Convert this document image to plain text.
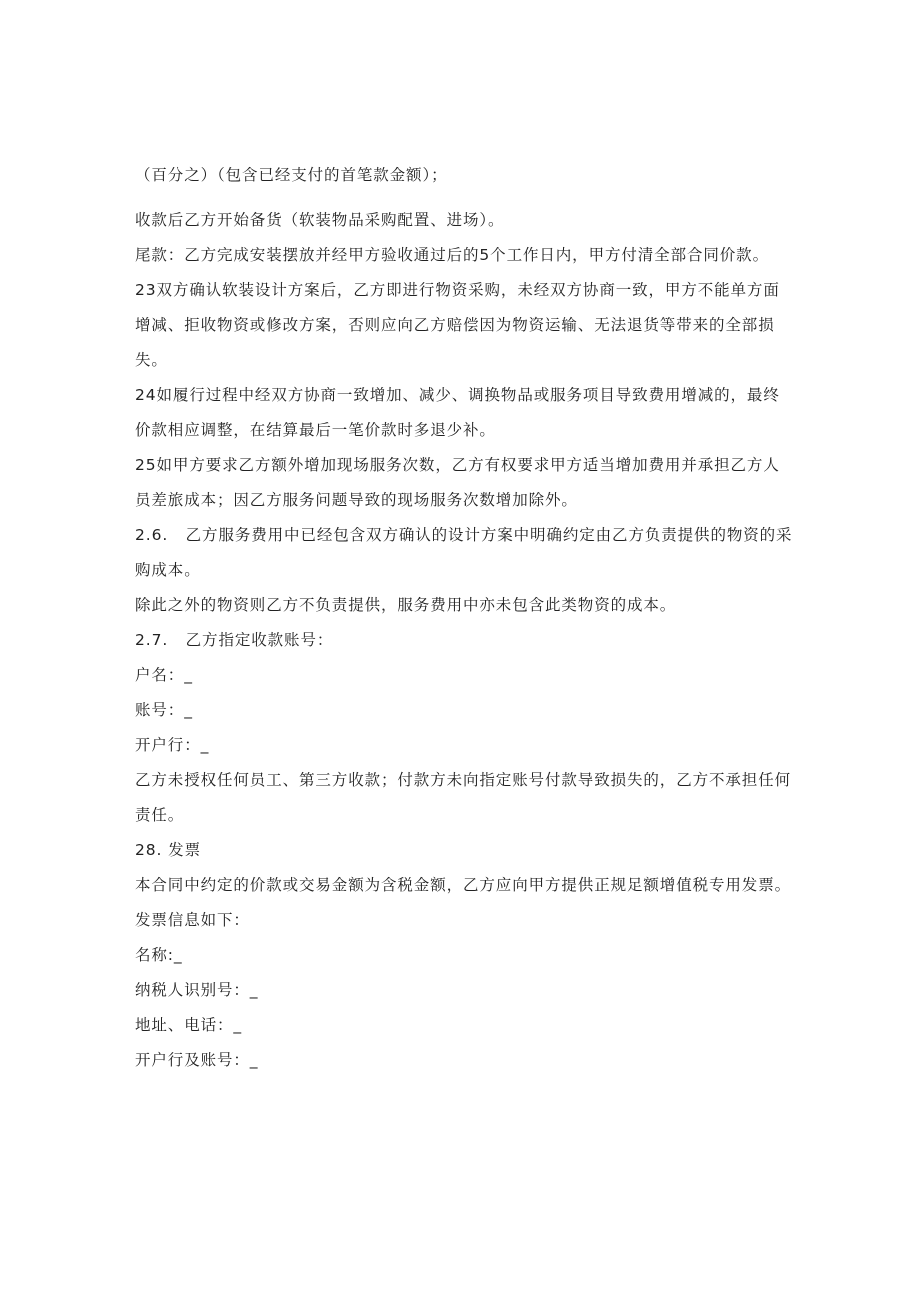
（百分之）（包含已经支付的首笔款金额）；

收款后乙方开始备货（软装物品采购配置、进场）。

尾款：乙方完成安装摆放并经甲方验收通过后的5个工作日内，甲方付清全部合同价款。

23双方确认软装设计方案后，乙方即进行物资采购，未经双方协商一致，甲方不能单方面增减、拒收物资或修改方案，否则应向乙方赔偿因为物资运输、无法退货等带来的全部损失。

24如履行过程中经双方协商一致增加、减少、调换物品或服务项目导致费用增减的，最终价款相应调整，在结算最后一笔价款时多退少补。

25如甲方要求乙方额外增加现场服务次数，乙方有权要求甲方适当增加费用并承担乙方人员差旅成本；因乙方服务问题导致的现场服务次数增加除外。

2.6.   乙方服务费用中已经包含双方确认的设计方案中明确约定由乙方负责提供的物资的采购成本。

除此之外的物资则乙方不负责提供，服务费用中亦未包含此类物资的成本。

2.7.   乙方指定收款账号：

户名：_

账号：_

开户行：_

乙方未授权任何员工、第三方收款；付款方未向指定账号付款导致损失的，乙方不承担任何责任。

28. 发票

本合同中约定的价款或交易金额为含税金额，乙方应向甲方提供正规足额增值税专用发票。发票信息如下：

名称:_

纳税人识别号：_

地址、电话：_

开户行及账号：_
